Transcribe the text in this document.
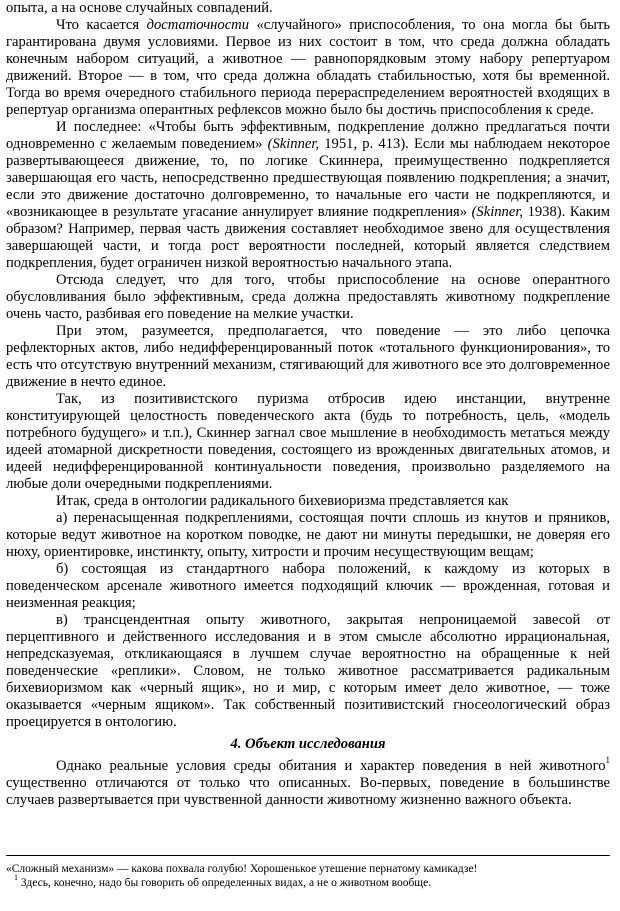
опыта, а на основе случайных совпадений.

Что касается достаточности «случайного» приспособления, то она могла бы быть гарантирована двумя условиями. Первое из них состоит в том, что среда должна обладать конечным набором ситуаций, а животное — равнопорядковым этому набору репертуаром движений. Второе — в том, что среда должна обладать стабильностью, хотя бы временной. Тогда во время очередного стабильного периода перераспределением вероятностей входящих в репертуар организма оперантных рефлексов можно было бы достичь приспособления к среде.

И последнее: «Чтобы быть эффективным, подкрепление должно предлагаться почти одновременно с желаемым поведением» (Skinner, 1951, p. 413). Если мы наблюдаем некоторое развертывающееся движение, то, по логике Скиннера, преимущественно подкрепляется завершающая его часть, непосредственно предшествующая появлению подкрепления; а значит, если это движение достаточно долговременно, то начальные его части не подкрепляются, и «возникающее в результате угасание аннулирует влияние подкрепления» (Skinner, 1938). Каким образом? Например, первая часть движения составляет необходимое звено для осуществления завершающей части, и тогда рост вероятности последней, который является следствием подкрепления, будет ограничен низкой вероятностью начального этапа.

Отсюда следует, что для того, чтобы приспособление на основе оперантного обусловливания было эффективным, среда должна предоставлять животному подкрепление очень часто, разбивая его поведение на мелкие участки.

При этом, разумеется, предполагается, что поведение — это либо цепочка рефлекторных актов, либо недифференцированный поток «тотального функционирования», то есть что отсутствую внутренний механизм, стягивающий для животного все это долговременное движение в нечто единое.

Так, из позитивистского пуризма отбросив идею инстанции, внутренне конституирующей целостность поведенческого акта (будь то потребность, цель, «модель потребного будущего» и т.п.), Скиннер загнал свое мышление в необходимость метаться между идеей атомарной дискретности поведения, состоящего из врожденных двигательных атомов, и идеей недифференцированной континуальности поведения, произвольно разделяемого на любые доли очередными подкреплениями.

Итак, среда в онтологии радикального бихевиоризма представляется как

а) перенасыщенная подкреплениями, состоящая почти сплошь из кнутов и пряников, которые ведут животное на коротком поводке, не дают ни минуты передышки, не доверяя его нюху, ориентировке, инстинкту, опыту, хитрости и прочим несуществующим вещам;

б) состоящая из стандартного набора положений, к каждому из которых в поведенческом арсенале животного имеется подходящий ключик — врожденная, готовая и неизменная реакция;

в) трансцендентная опыту животного, закрытая непроницаемой завесой от перцептивного и действенного исследования и в этом смысле абсолютно иррациональная, непредсказуемая, откликающаяся в лучшем случае вероятностно на обращенные к ней поведенческие «реплики». Словом, не только животное рассматривается радикальным бихевиоризмом как «черный ящик», но и мир, с которым имеет дело животное, — тоже оказывается «черным ящиком». Так собственный позитивистский гносеологический образ проецируется в онтологию.

4. Объект исследования

Однако реальные условия среды обитания и характер поведения в ней животного$^1$ существенно отличаются от только что описанных. Во-первых, поведение в большинстве случаев развертывается при чувственной данности животному жизненно важного объекта.

«Сложный механизм» — какова похвала голубю! Хорошенькое утешение пернатому камикадзе!

$^1$ Здесь, конечно, надо бы говорить об определенных видах, а не о животном вообще.
